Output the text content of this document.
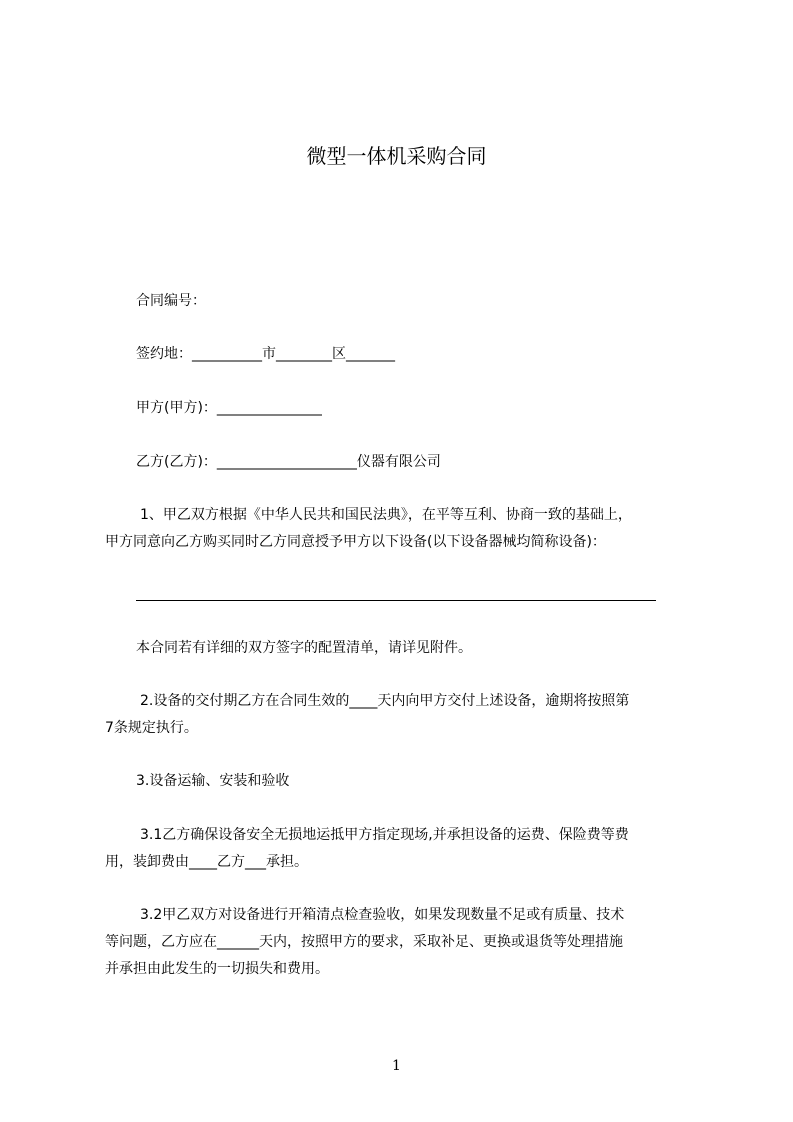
微型一体机采购合同
合同编号：
签约地：__________市________区_______
甲方(甲方)：_______________
乙方(乙方)：____________________仪器有限公司
1、甲乙双方根据《中华人民共和国民法典》，在平等互利、协商一致的基础上，
甲方同意向乙方购买同时乙方同意授予甲方以下设备(以下设备器械均简称设备)：
本合同若有详细的双方签字的配置清单，请详见附件。
2.设备的交付期乙方在合同生效的____天内向甲方交付上述设备，逾期将按照第
7条规定执行。
3.设备运输、安装和验收
3.1乙方确保设备安全无损地运抵甲方指定现场,并承担设备的运费、保险费等费
用，装卸费由____乙方___承担。
3.2甲乙双方对设备进行开箱清点检查验收，如果发现数量不足或有质量、技术
等问题，乙方应在______天内，按照甲方的要求，采取补足、更换或退货等处理措施
并承担由此发生的一切损失和费用。
1
